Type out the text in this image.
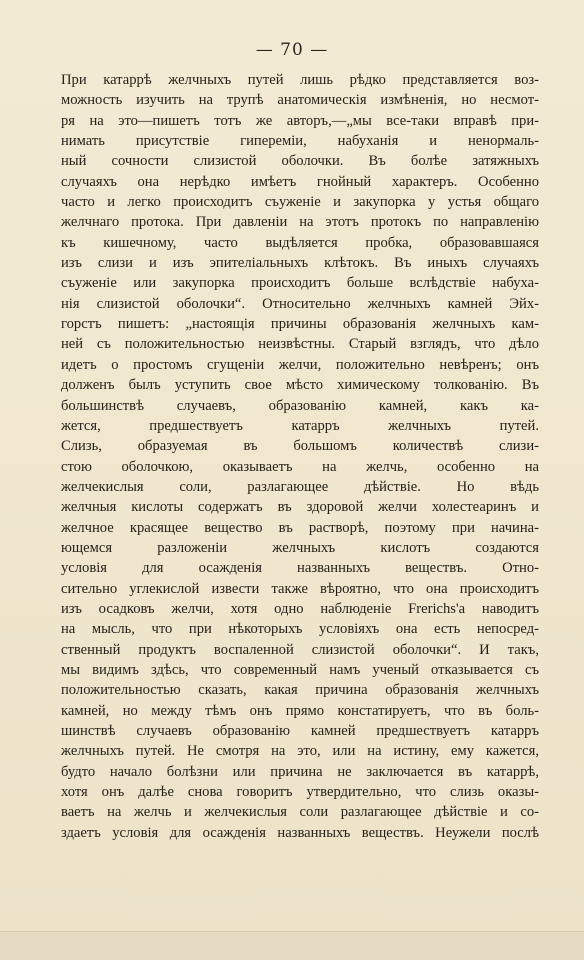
— 70 —
При катаррѣ желчныхъ путей лишь рѣдко представляется воз-
можность изучить на трупѣ анатомическія измѣненія, но несмот-
ря на это—пишетъ тотъ же авторъ,—„мы все-таки вправѣ при-
нимать присутствіе гипереміи, набуханія и ненормаль-
ный сочности слизистой оболочки. Въ болѣе затяжныхъ
случаяхъ она нерѣдко имѣетъ гнойный характеръ. Особенно
часто и легко происходитъ съуженіе и закупорка у устья общаго
желчнаго протока. При давленіи на этотъ протокъ по направленію
къ кишечному, часто выдѣляется пробка, образовавшаяся
изъ слизи и изъ эпителіальныхъ клѣтокъ. Въ иныхъ случаяхъ
съуженіе или закупорка происходитъ больше вслѣдствіе набуха-
нія слизистой оболочки“. Относительно желчныхъ камней Эйх-
горстъ пишетъ: „настоящія причины образованія желчныхъ кам-
ней съ положительностью неизвѣстны. Старый взглядъ, что дѣло
идетъ о простомъ сгущеніи желчи, положительно невѣренъ; онъ
долженъ былъ уступить свое мѣсто химическому толкованію. Въ
большинствѣ случаевъ, образованію камней, какъ ка-
жется, предшествуетъ катарръ желчныхъ путей.
Слизь, образуемая въ большомъ количествѣ слизи-
стою оболочкою, оказываетъ на желчь, особенно на
желчекислыя соли, разлагающее дѣйствіе. Но вѣдь
желчныя кислоты содержатъ въ здоровой желчи холестеаринъ и
желчное красящее вещество въ растворѣ, поэтому при начина-
ющемся разложеніи желчныхъ кислотъ создаются
условія для осажденія названныхъ веществъ. Отно-
сительно углекислой извести также вѣроятно, что она происходитъ
изъ осадковъ желчи, хотя одно наблюденіе Frerichs'а наводитъ
на мысль, что при нѣкоторыхъ условіяхъ она есть непосред-
ственный продуктъ воспаленной слизистой оболочки“. И такъ,
мы видимъ здѣсь, что современный намъ ученый отказывается съ
положительностью сказать, какая причина образованія желчныхъ
камней, но между тѣмъ онъ прямо констатируетъ, что въ боль-
шинствѣ случаевъ образованію камней предшествуетъ катарръ
желчныхъ путей. Не смотря на это, или на истину, ему кажется,
будто начало болѣзни или причина не заключается въ катаррѣ,
хотя онъ далѣе снова говоритъ утвердительно, что слизь оказы-
ваетъ на желчь и желчекислыя соли разлагающее дѣйствіе и со-
здаетъ условія для осажденія названныхъ веществъ. Неужели послѣ
